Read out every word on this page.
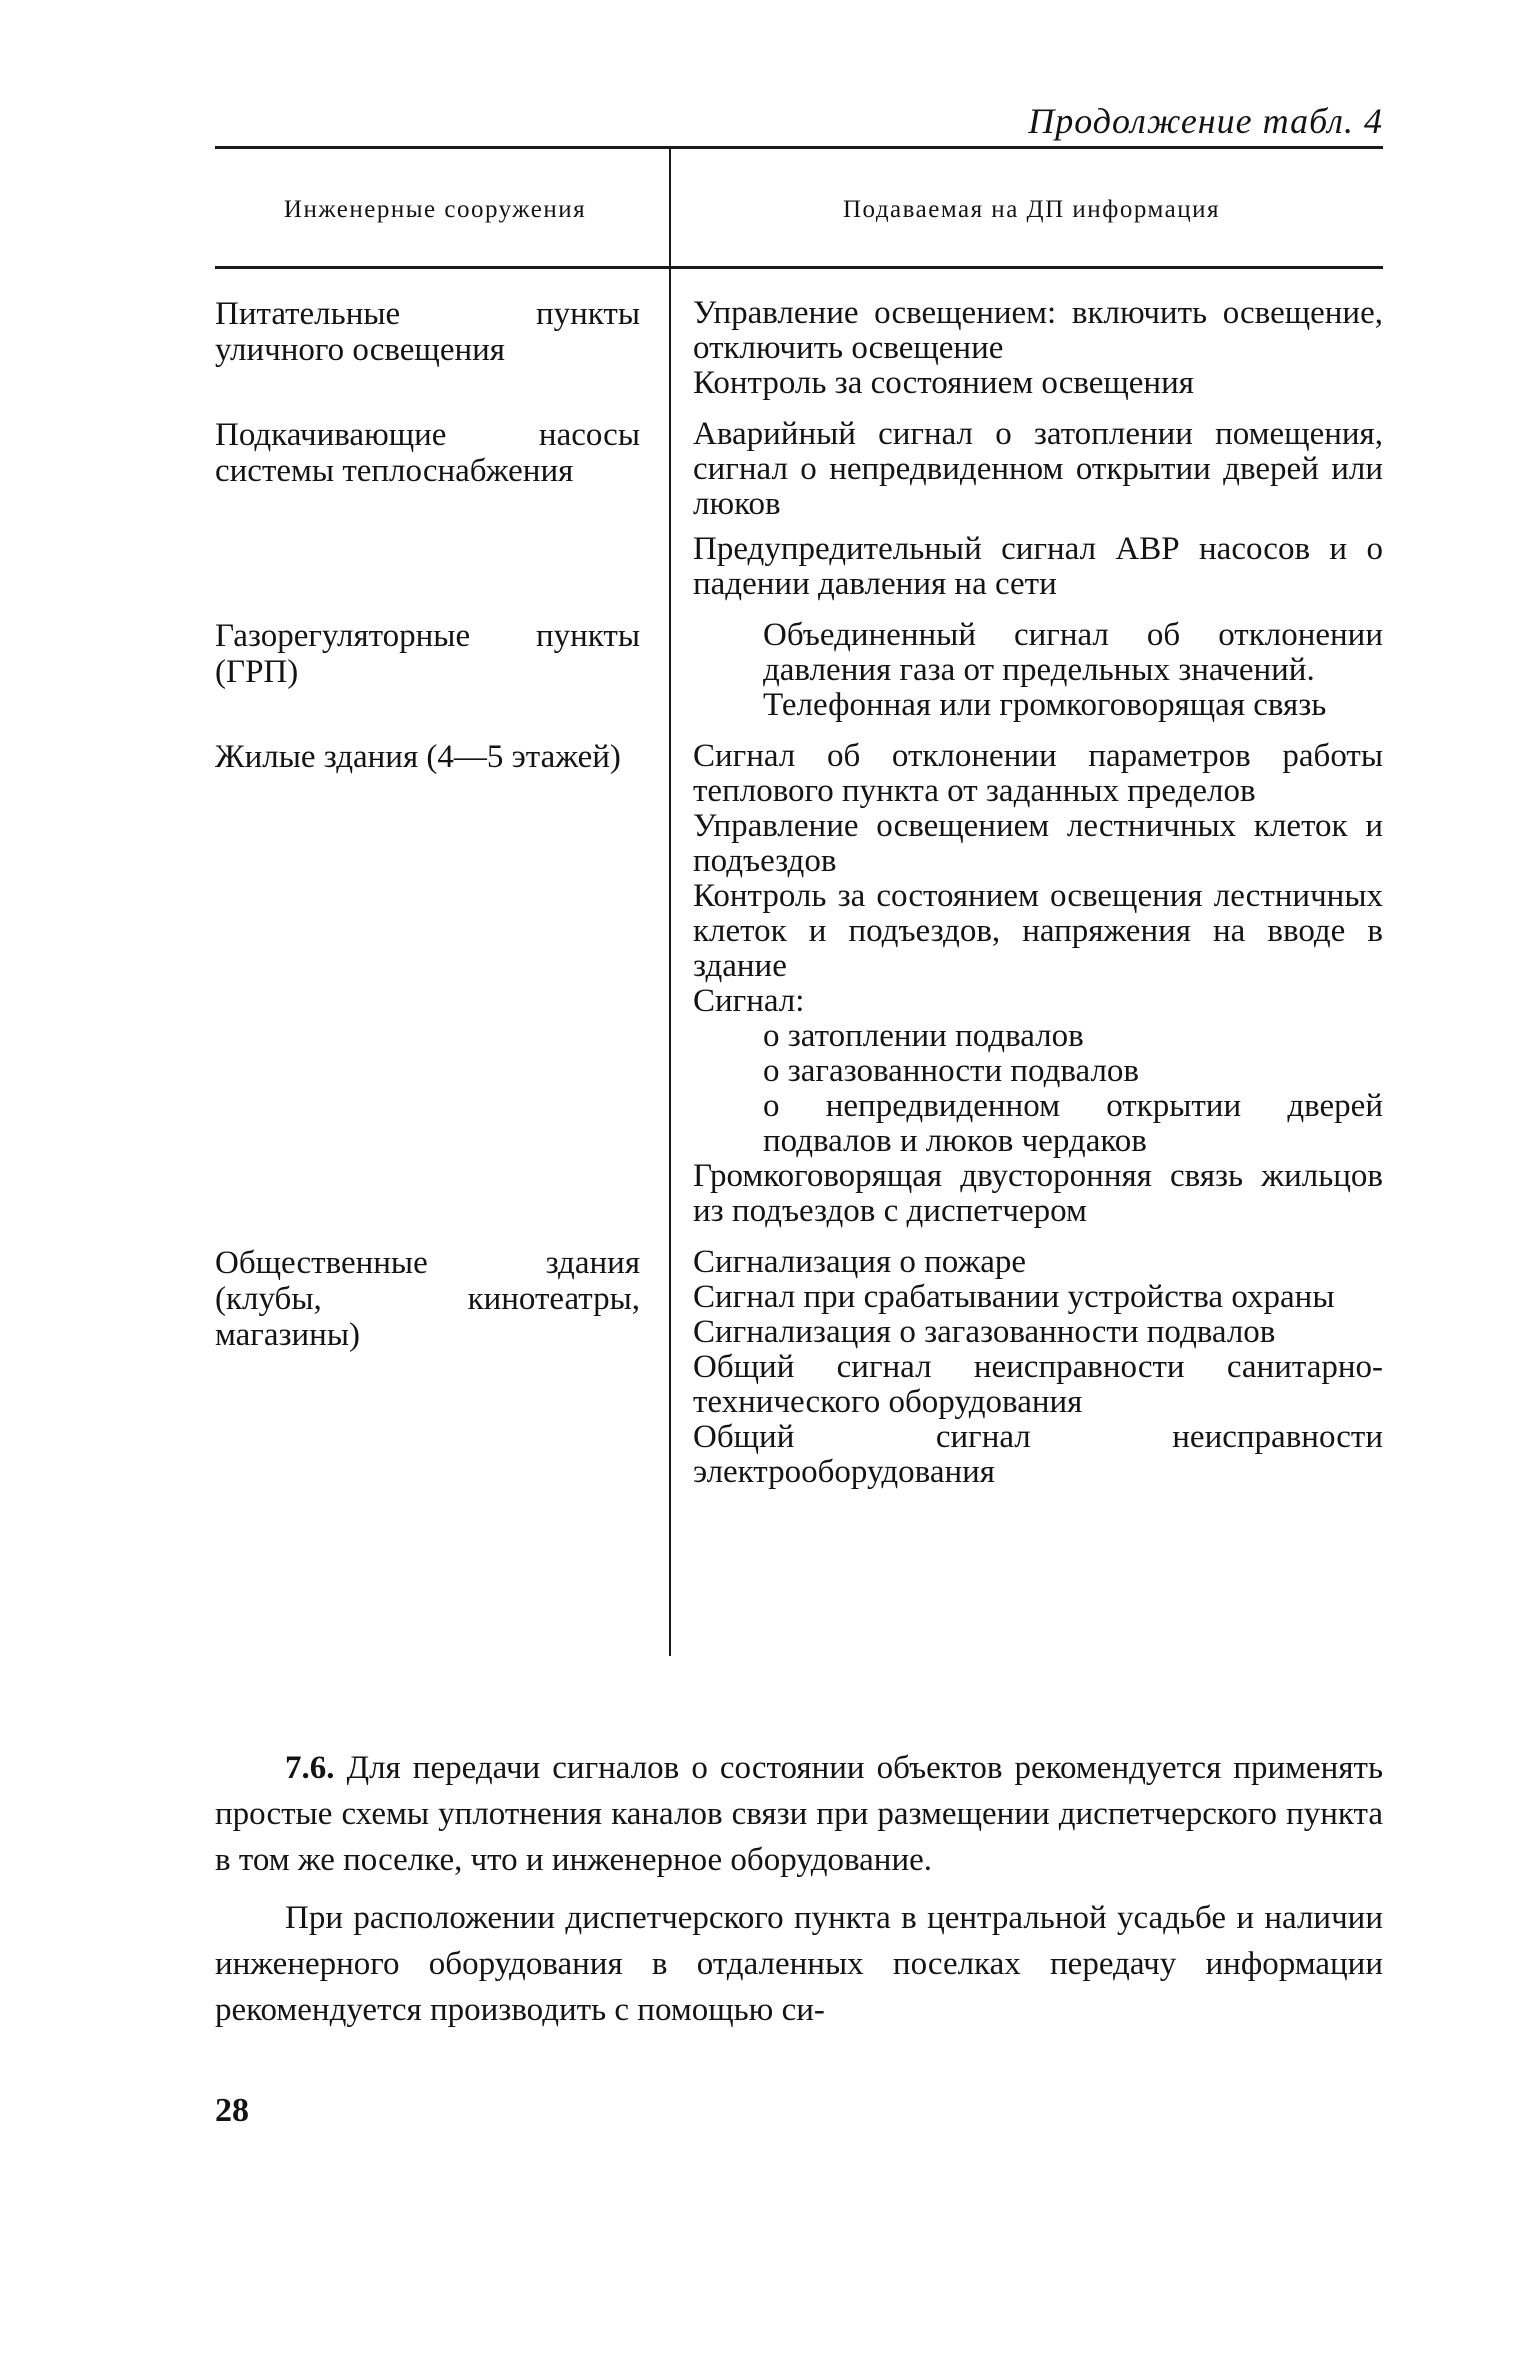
Продолжение табл. 4
Инженерные сооружения	Подаваемая на ДП информация
Питательные пункты уличного освещения
Управление освещением: включить освещение, отключить освещение
Контроль за состоянием освещения
Подкачивающие насосы системы теплоснабжения
Аварийный сигнал о затоплении помещения, сигнал о непредвиденном открытии дверей или люков
Предупредительный сигнал АВР насосов и о падении давления на сети
Газорегуляторные пункты (ГРП)
Объединенный сигнал об отклонении давления газа от предельных значений.
Телефонная или громкоговорящая связь
Жилые здания (4—5 этажей)	Сигнал об отклонении параметров работы теплового пункта от заданных пределов
Управление освещением лестничных клеток и подъездов
Контроль за состоянием освещения лестничных клеток и подъездов, напряжения на вводе в здание
Сигнал:
о затоплении подвалов
о загазованности подвалов
о непредвиденном открытии дверей подвалов и люков чердаков
Громкоговорящая двусторонняя связь жильцов из подъездов с диспетчером
Общественные здания (клубы, кинотеатры, магазины)
Сигнализация о пожаре
Сигнал при срабатывании устройства охраны
Сигнализация о загазованности подвалов
Общий сигнал неисправности санитарно-технического оборудования
Общий сигнал неисправности электрооборудования

7.6. Для передачи сигналов о состоянии объектов рекомендуется применять простые схемы уплотнения каналов связи при размещении диспетчерского пункта в том же поселке, что и инженерное оборудование.

При расположении диспетчерского пункта в центральной усадьбе и наличии инженерного оборудования в отдаленных поселках передачу информации рекомендуется производить с помощью си-

28
